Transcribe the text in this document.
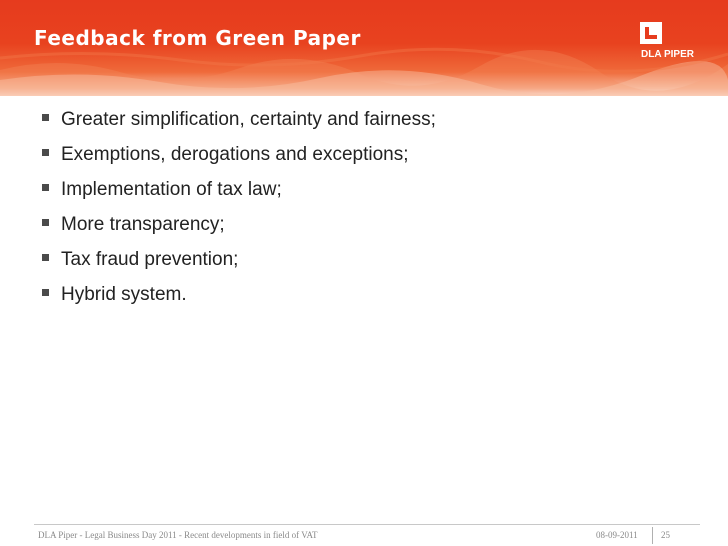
Feedback from Green Paper
DLA PIPER
Greater simplification, certainty and fairness;
Exemptions, derogations and exceptions;
Implementation of tax law;
More transparency;
Tax fraud prevention;
Hybrid system.
DLA Piper - Legal Business Day 2011 - Recent developments in field of VAT	08-09-2011	25
